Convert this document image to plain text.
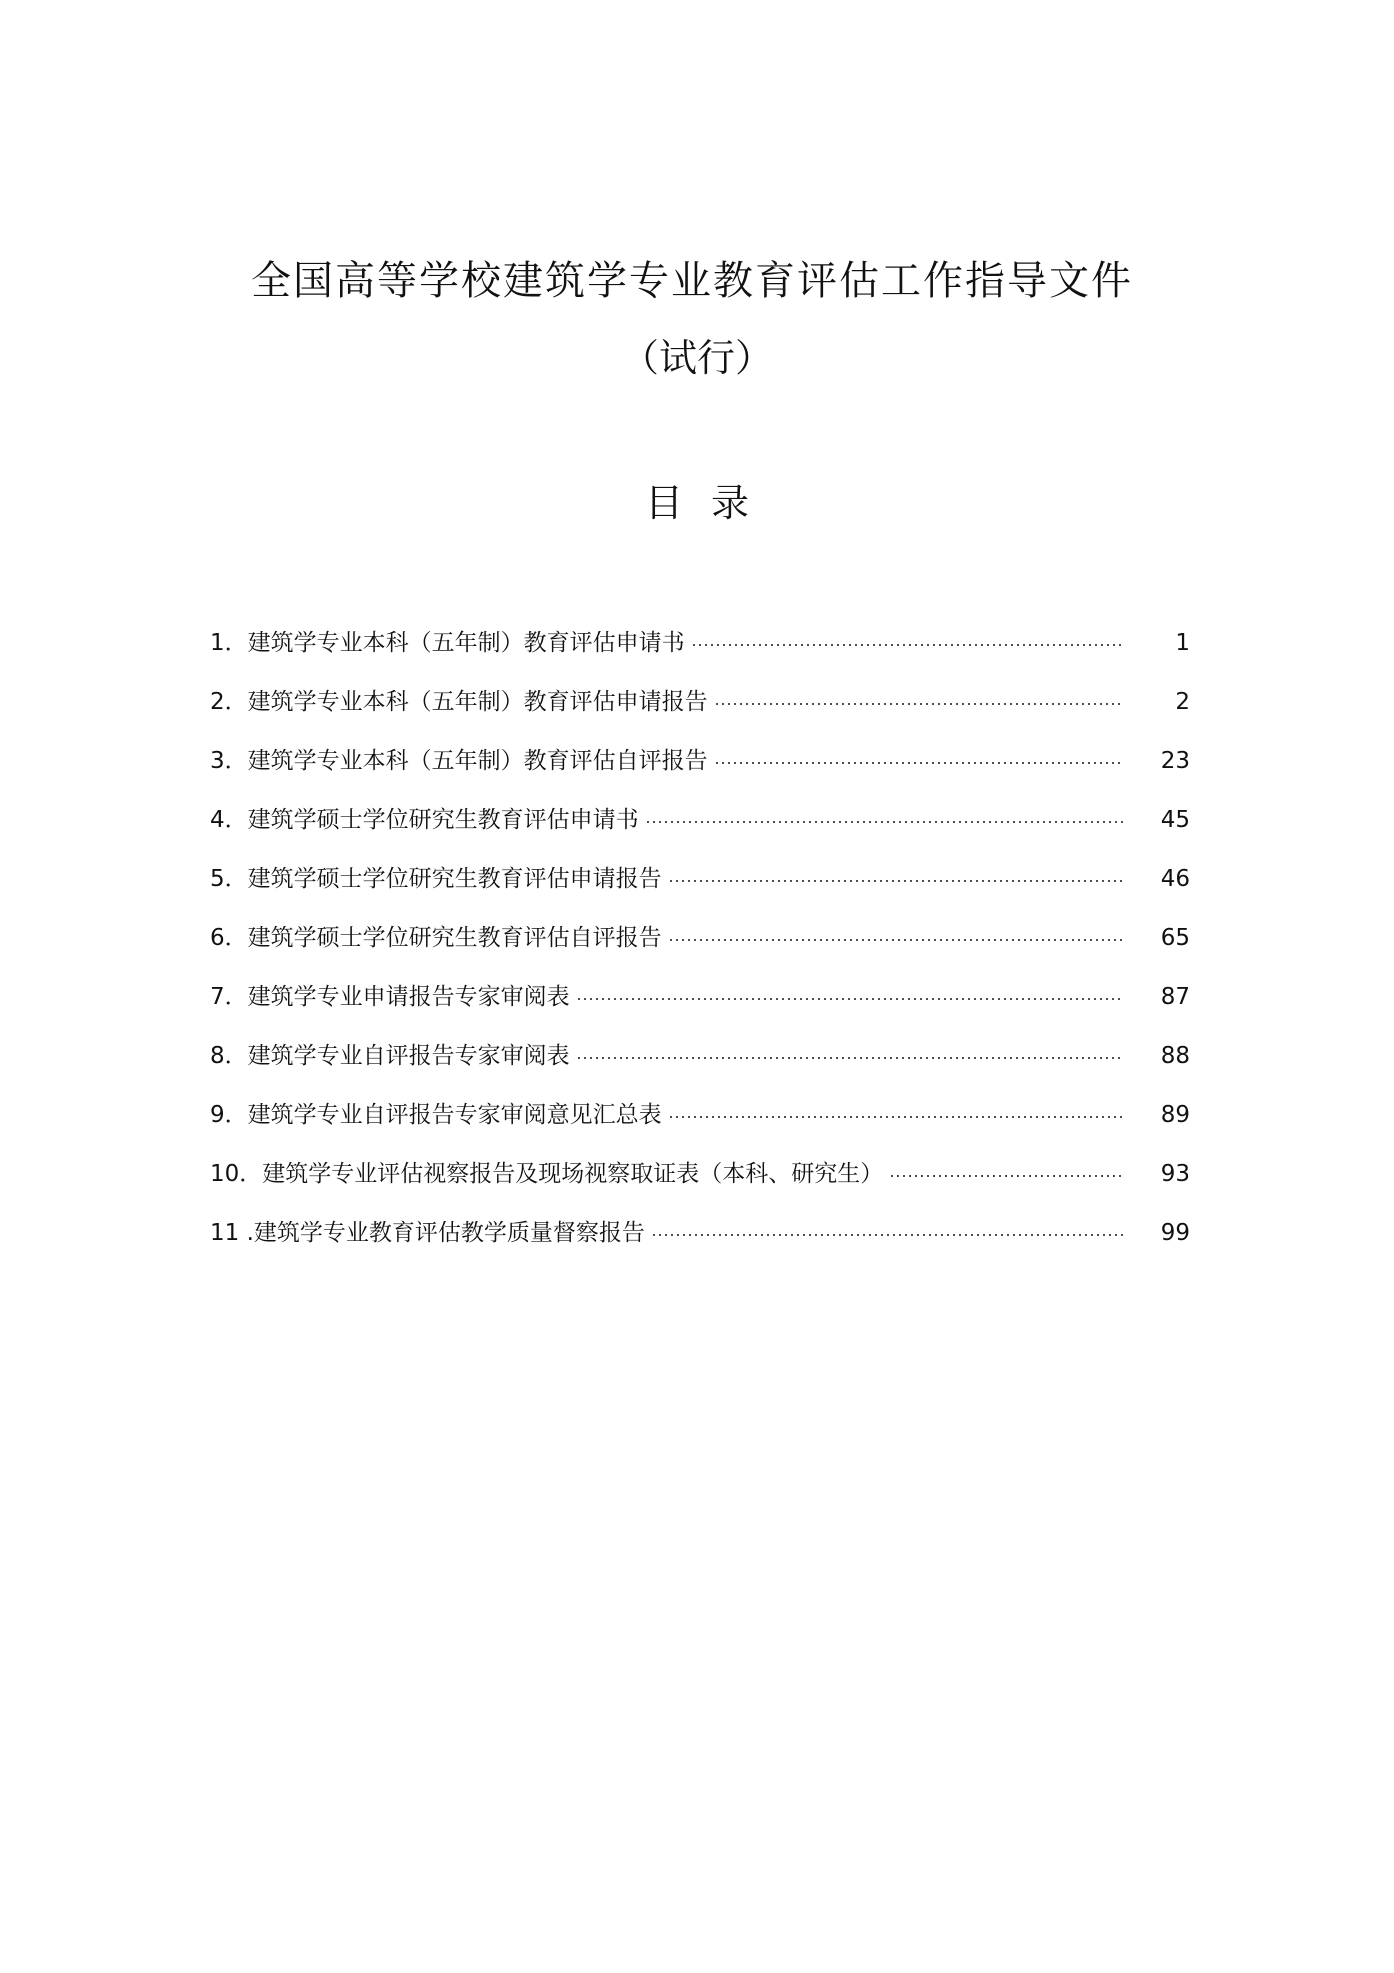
全国高等学校建筑学专业教育评估工作指导文件
（试行）
目录
1．建筑学专业本科（五年制）教育评估申请书	1
2．建筑学专业本科（五年制）教育评估申请报告	2
3．建筑学专业本科（五年制）教育评估自评报告	23
4．建筑学硕士学位研究生教育评估申请书	45
5．建筑学硕士学位研究生教育评估申请报告	46
6．建筑学硕士学位研究生教育评估自评报告	65
7．建筑学专业申请报告专家审阅表	87
8．建筑学专业自评报告专家审阅表	88
9．建筑学专业自评报告专家审阅意见汇总表	89
10．建筑学专业评估视察报告及现场视察取证表（本科、研究生）	93
11 .建筑学专业教育评估教学质量督察报告	99
